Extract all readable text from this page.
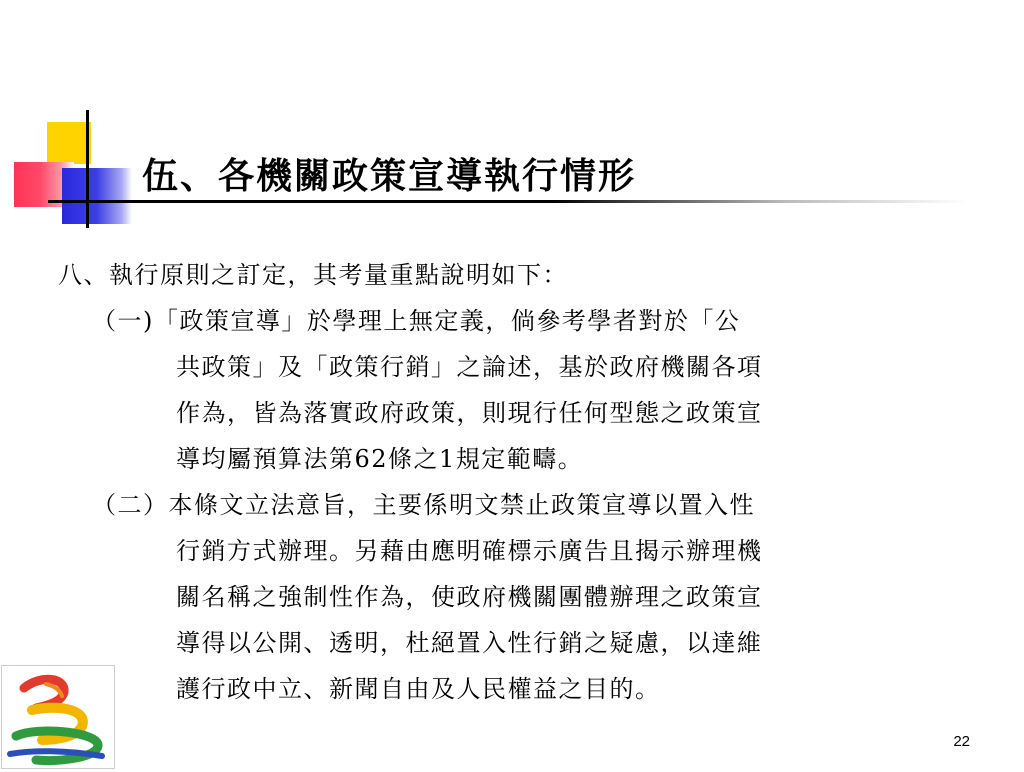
伍、各機關政策宣導執行情形
八、執行原則之訂定，其考量重點說明如下：
（一)「政策宣導」於學理上無定義，倘參考學者對於「公
共政策」及「政策行銷」之論述，基於政府機關各項
作為，皆為落實政府政策，則現行任何型態之政策宣
導均屬預算法第62條之1規定範疇。
（二）本條文立法意旨，主要係明文禁止政策宣導以置入性
行銷方式辦理。另藉由應明確標示廣告且揭示辦理機
關名稱之強制性作為，使政府機關團體辦理之政策宣
導得以公開、透明，杜絕置入性行銷之疑慮，以達維
護行政中立、新聞自由及人民權益之目的。
22
